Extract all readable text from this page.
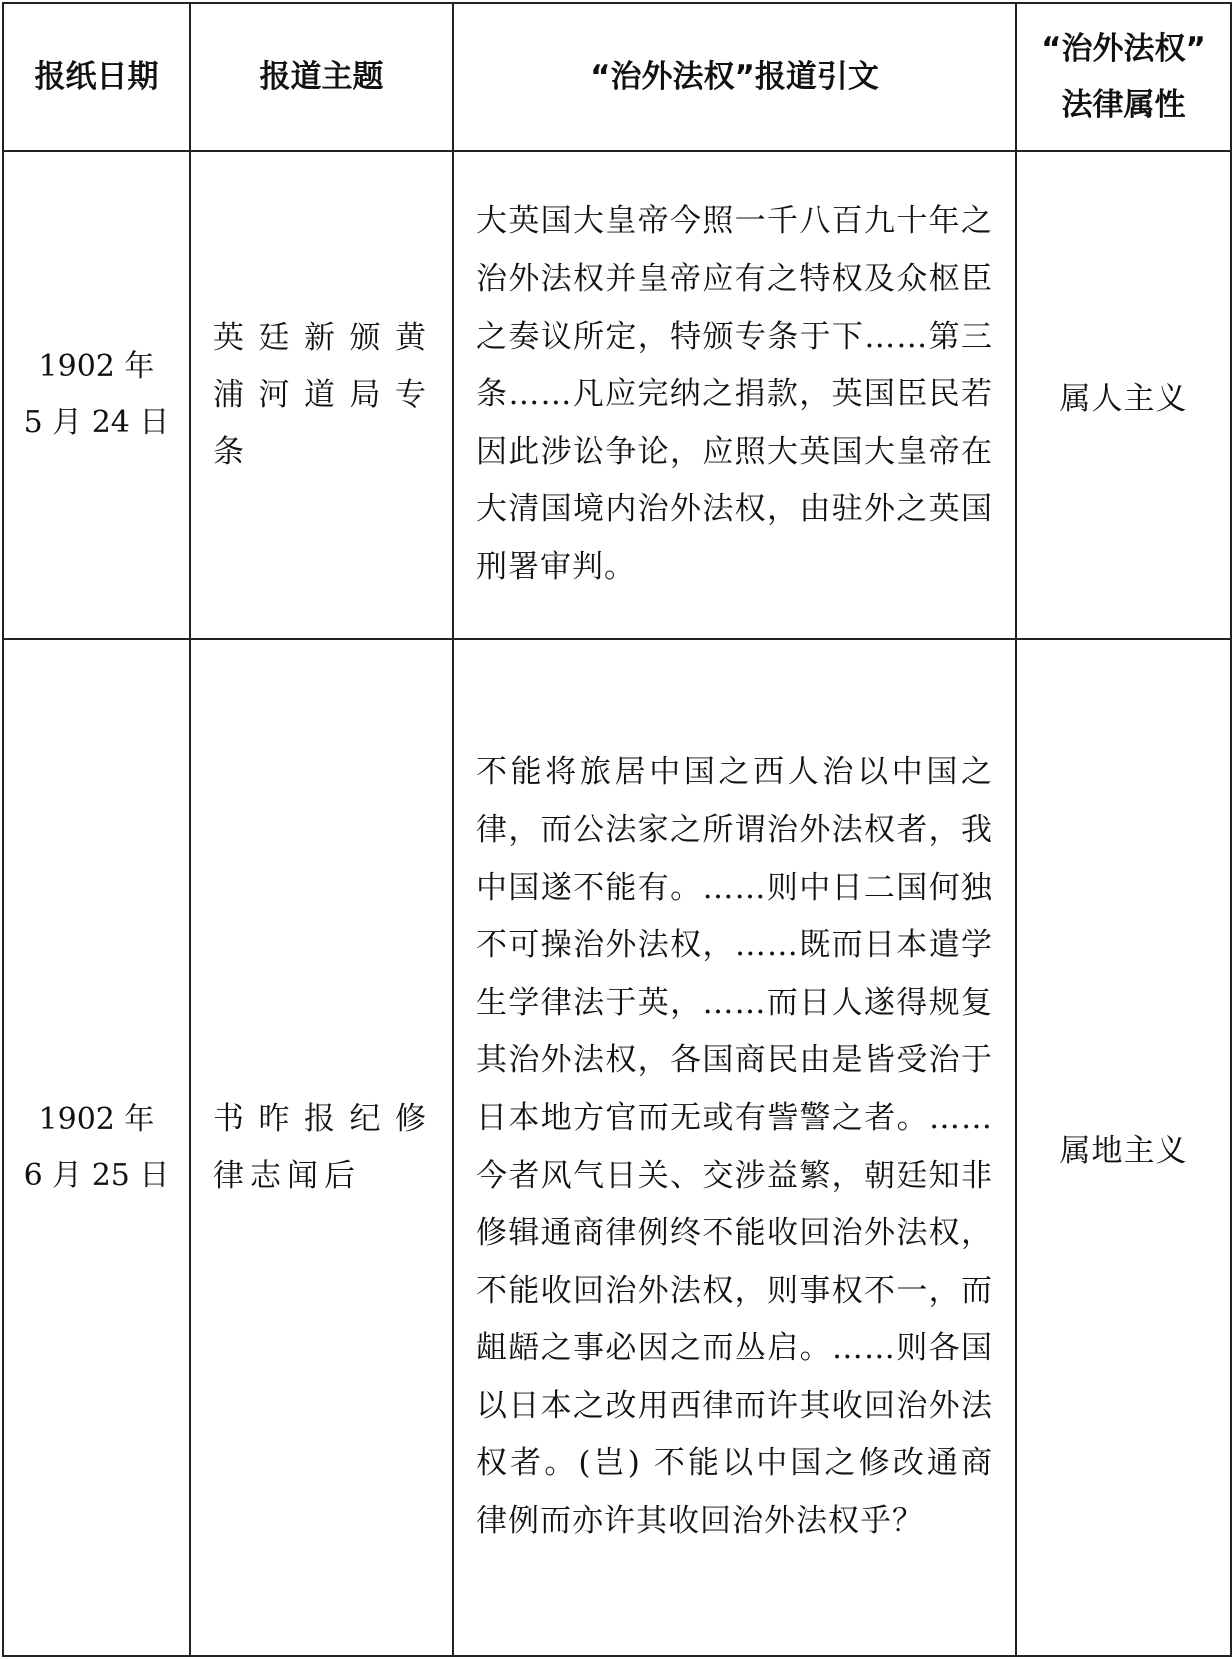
报纸日期	报道主题	“治外法权”报道引文	“治外法权”
法律属性

1902 年
5 月 24 日	英廷新颁黄浦河道局专条	大英国大皇帝今照一千八百九十年之治外法权并皇帝应有之特权及众枢臣之奏议所定，特颁专条于下……第三条……凡应完纳之捐款，英国臣民若因此涉讼争论，应照大英国大皇帝在大清国境内治外法权，由驻外之英国刑署审判。	属人主义

1902 年
6 月 25 日	书昨报纪修律志闻后	不能将旅居中国之西人治以中国之律，而公法家之所谓治外法权者，我中国遂不能有。……则中日二国何独不可操治外法权，……既而日本遣学生学律法于英，……而日人遂得规复其治外法权，各国商民由是皆受治于日本地方官而无或有訾警之者。……今者风气日关、交涉益繁，朝廷知非修辑通商律例终不能收回治外法权，不能收回治外法权，则事权不一，而龃龉之事必因之而丛启。……则各国以日本之改用西律而许其收回治外法权者。(岂) 不能以中国之修改通商律例而亦许其收回治外法权乎？	属地主义
